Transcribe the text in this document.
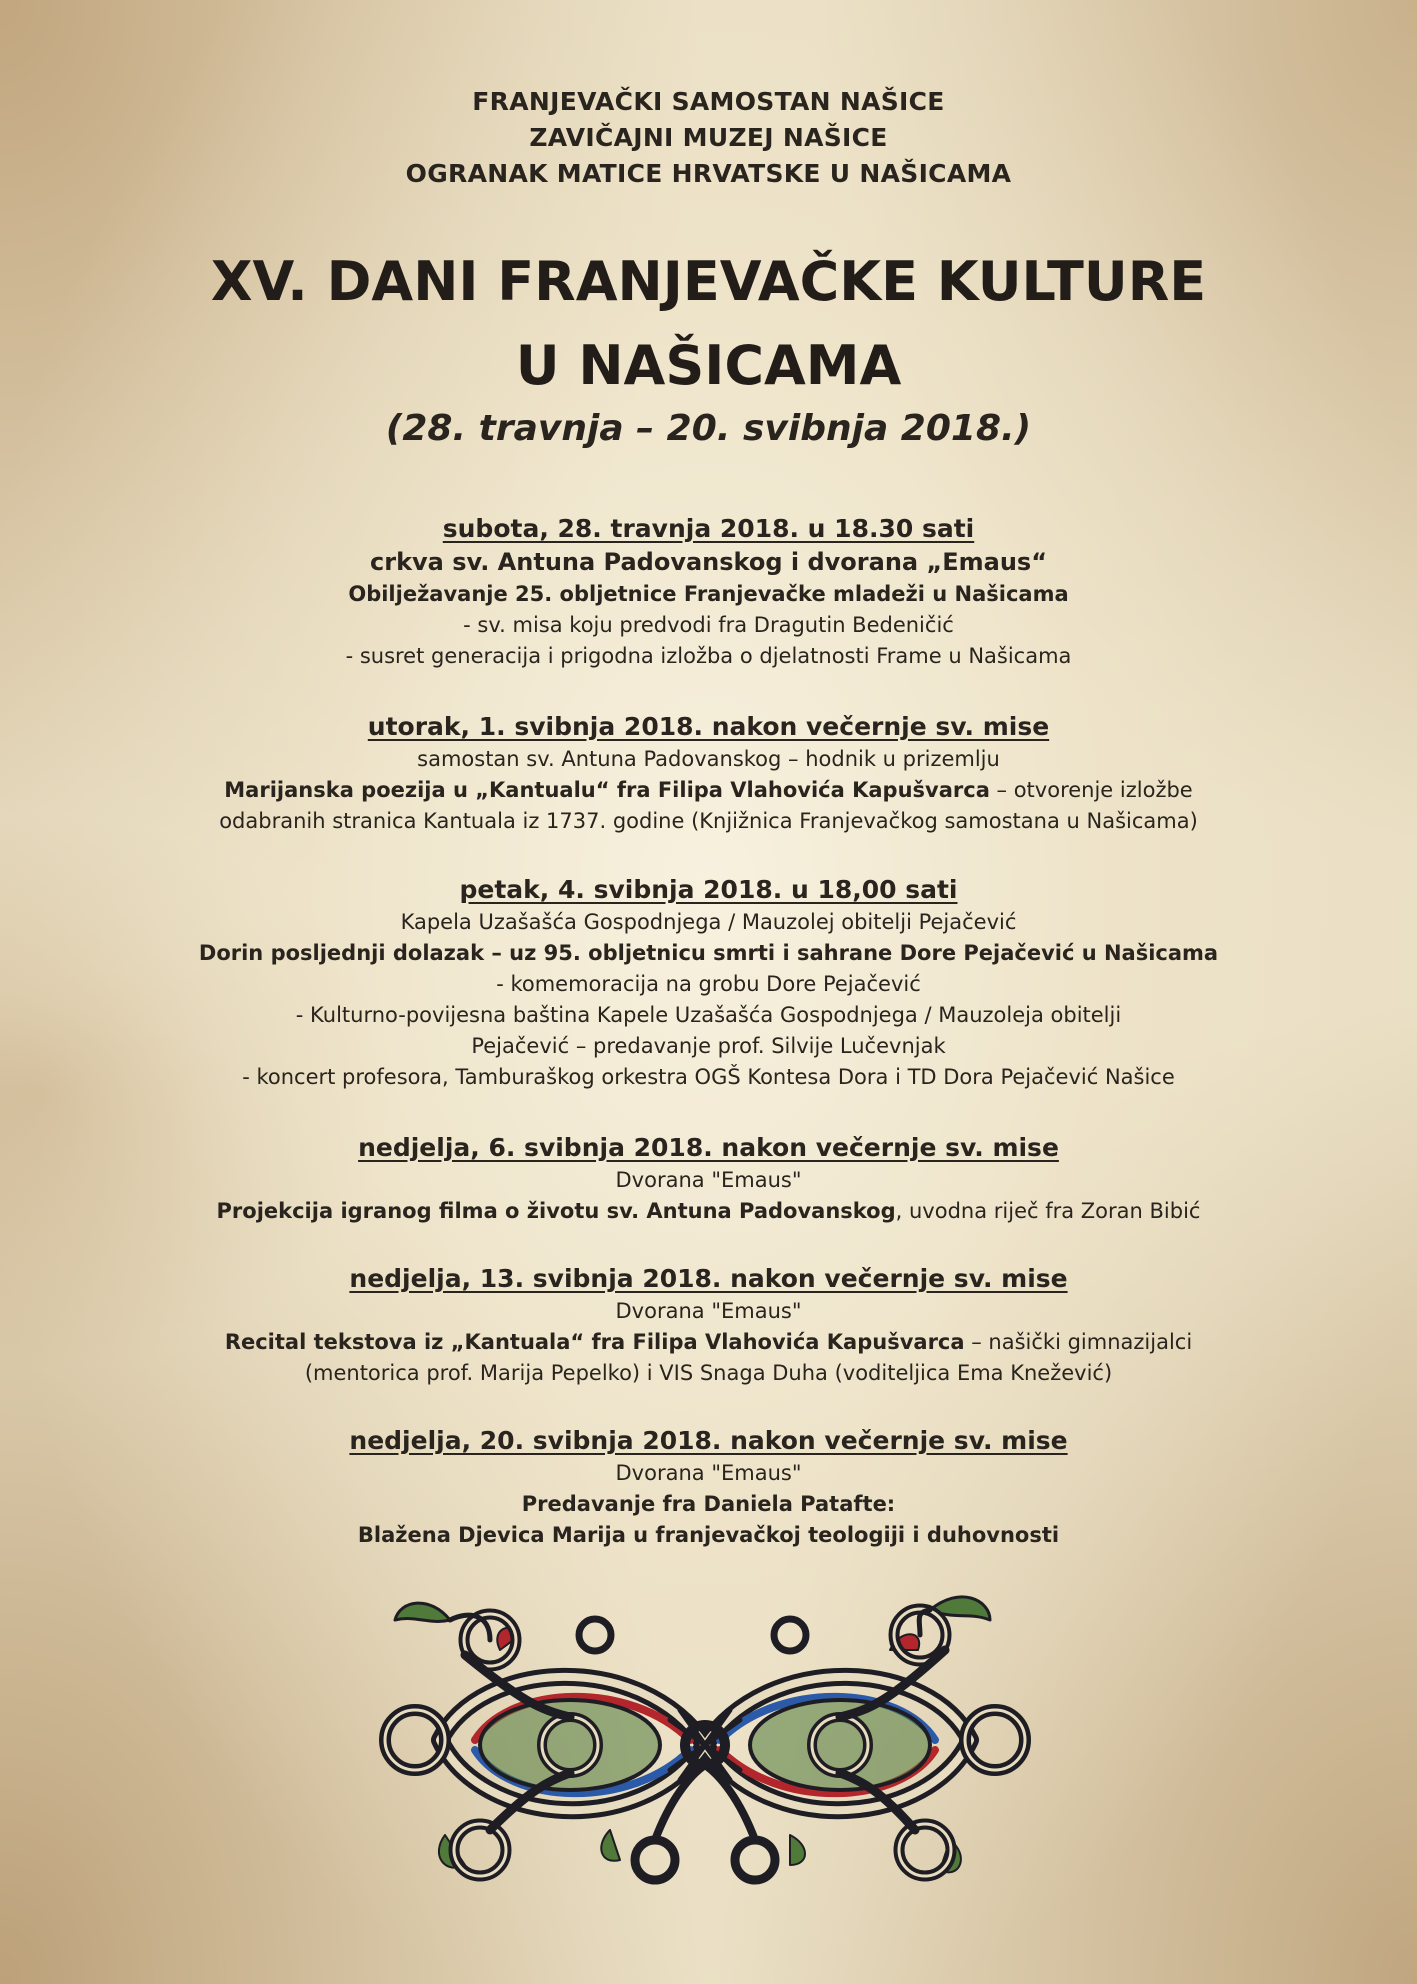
FRANJEVAČKI SAMOSTAN NAŠICE
ZAVIČAJNI MUZEJ NAŠICE
OGRANAK MATICE HRVATSKE U NAŠICAMA
XV. DANI FRANJEVAČKE KULTURE
U NAŠICAMA
(28. travnja – 20. svibnja 2018.)
subota, 28. travnja 2018. u 18.30 sati
crkva sv. Antuna Padovanskog i dvorana „Emaus“
Obilježavanje 25. obljetnice Franjevačke mladeži u Našicama
- sv. misa koju predvodi fra Dragutin Bedeničić
- susret generacija i prigodna izložba o djelatnosti Frame u Našicama
utorak, 1. svibnja 2018. nakon večernje sv. mise
samostan sv. Antuna Padovanskog – hodnik u prizemlju
Marijanska poezija u „Kantualu“ fra Filipa Vlahovića Kapušvarca – otvorenje izložbe
odabranih stranica Kantuala iz 1737. godine (Knjižnica Franjevačkog samostana u Našicama)
petak, 4. svibnja 2018. u 18,00 sati
Kapela Uzašašća Gospodnjega / Mauzolej obitelji Pejačević
Dorin posljednji dolazak – uz 95. obljetnicu smrti i sahrane Dore Pejačević u Našicama
- komemoracija na grobu Dore Pejačević
- Kulturno-povijesna baština Kapele Uzašašća Gospodnjega / Mauzoleja obitelji
Pejačević – predavanje prof. Silvije Lučevnjak
- koncert profesora, Tamburaškog orkestra OGŠ Kontesa Dora i TD Dora Pejačević Našice
nedjelja, 6. svibnja 2018. nakon večernje sv. mise
Dvorana "Emaus"
Projekcija igranog filma o životu sv. Antuna Padovanskog, uvodna riječ fra Zoran Bibić
nedjelja, 13. svibnja 2018. nakon večernje sv. mise
Dvorana "Emaus"
Recital tekstova iz „Kantuala“ fra Filipa Vlahovića Kapušvarca – našički gimnazijalci
(mentorica prof. Marija Pepelko) i VIS Snaga Duha (voditeljica Ema Knežević)
nedjelja, 20. svibnja 2018. nakon večernje sv. mise
Dvorana "Emaus"
Predavanje fra Daniela Patafte:
Blažena Djevica Marija u franjevačkoj teologiji i duhovnosti
